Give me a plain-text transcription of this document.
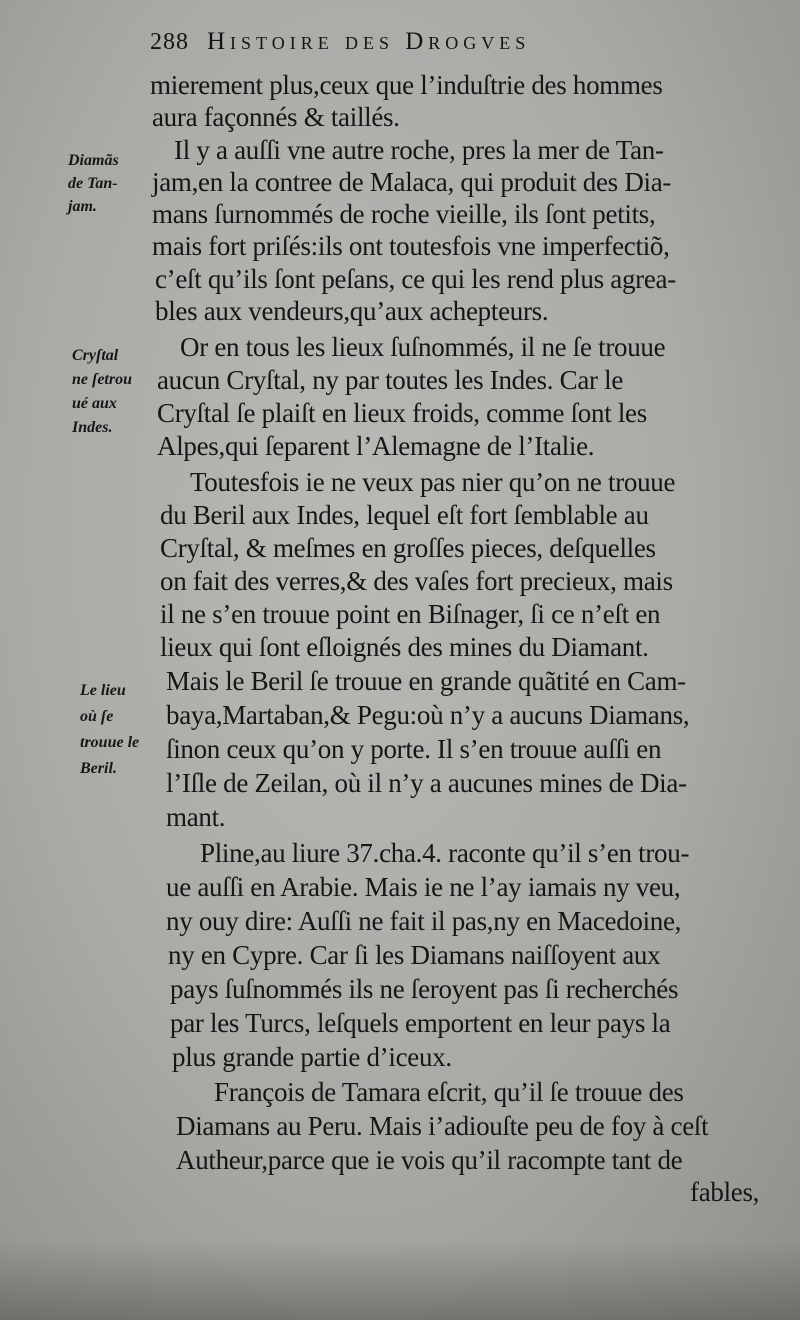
288 Histoire des Drogves

Diamãs

de Tan-

jam.

Cryſtal

ne ſetrou

ué aux

Indes.

Le lieu

où ſe

trouue le

Beril.

mierement plus,ceux que l’induſtrie des hommes

aura façonnés & taillés.

Il y a auſſi vne autre roche, pres la mer de Tan-

jam,en la contree de Malaca, qui produit des Dia-

mans ſurnommés de roche vieille, ils ſont petits,

mais fort priſés:ils ont toutesfois vne imperfectiõ,

c’eſt qu’ils ſont peſans, ce qui les rend plus agrea-

bles aux vendeurs,qu’aux achepteurs.

Or en tous les lieux ſuſnommés, il ne ſe trouue

aucun Cryſtal, ny par toutes les Indes. Car le

Cryſtal ſe plaiſt en lieux froids, comme ſont les

Alpes,qui ſeparent l’Alemagne de l’Italie.

Toutesfois ie ne veux pas nier qu’on ne trouue

du Beril aux Indes, lequel eſt fort ſemblable au

Cryſtal, & meſmes en groſſes pieces, deſquelles

on fait des verres,& des vaſes fort precieux, mais

il ne s’en trouue point en Biſnager, ſi ce n’eſt en

lieux qui ſont eſloignés des mines du Diamant.

Mais le Beril ſe trouue en grande quãtité en Cam-

baya,Martaban,& Pegu:où n’y a aucuns Diamans,

ſinon ceux qu’on y porte. Il s’en trouue auſſi en

l’Iſle de Zeilan, où il n’y a aucunes mines de Dia-

mant.

Pline,au liure 37.cha.4. raconte qu’il s’en trou-

ue auſſi en Arabie. Mais ie ne l’ay iamais ny veu,

ny ouy dire: Auſſi ne fait il pas,ny en Macedoine,

ny en Cypre. Car ſi les Diamans naiſſoyent aux

pays ſuſnommés ils ne ſeroyent pas ſi recherchés

par les Turcs, leſquels emportent en leur pays la

plus grande partie d’iceux.

François de Tamara eſcrit, qu’il ſe trouue des

Diamans au Peru. Mais i’adiouſte peu de foy à ceſt

Autheur,parce que ie vois qu’il racompte tant de

fables,
